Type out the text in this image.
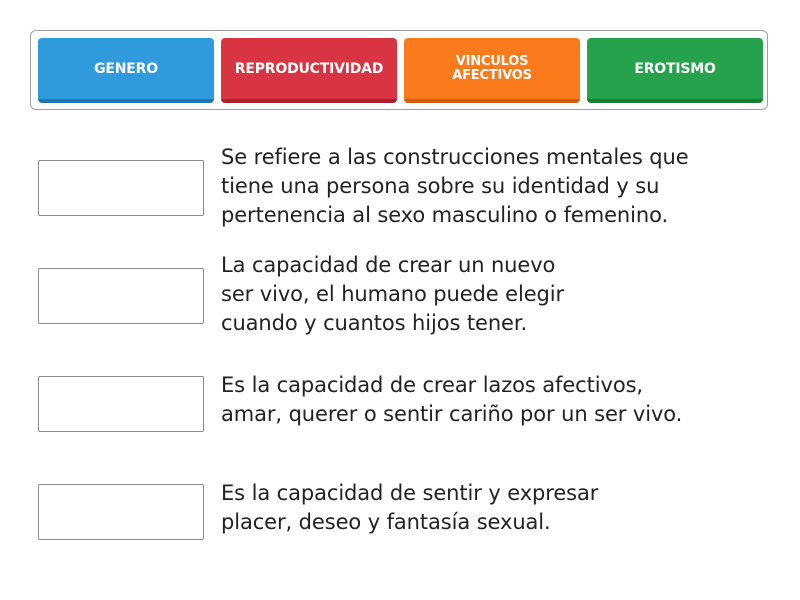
GENERO	REPRODUCTIVIDAD	VINCULOS AFECTIVOS	EROTISMO

Se refiere a las construcciones mentales que
tiene una persona sobre su identidad y su
pertenencia al sexo masculino o femenino.

La capacidad de crear un nuevo
ser vivo, el humano puede elegir
cuando y cuantos hijos tener.

Es la capacidad de crear lazos afectivos,
amar, querer o sentir cariño por un ser vivo.

Es la capacidad de sentir y expresar
placer, deseo y fantasía sexual.
